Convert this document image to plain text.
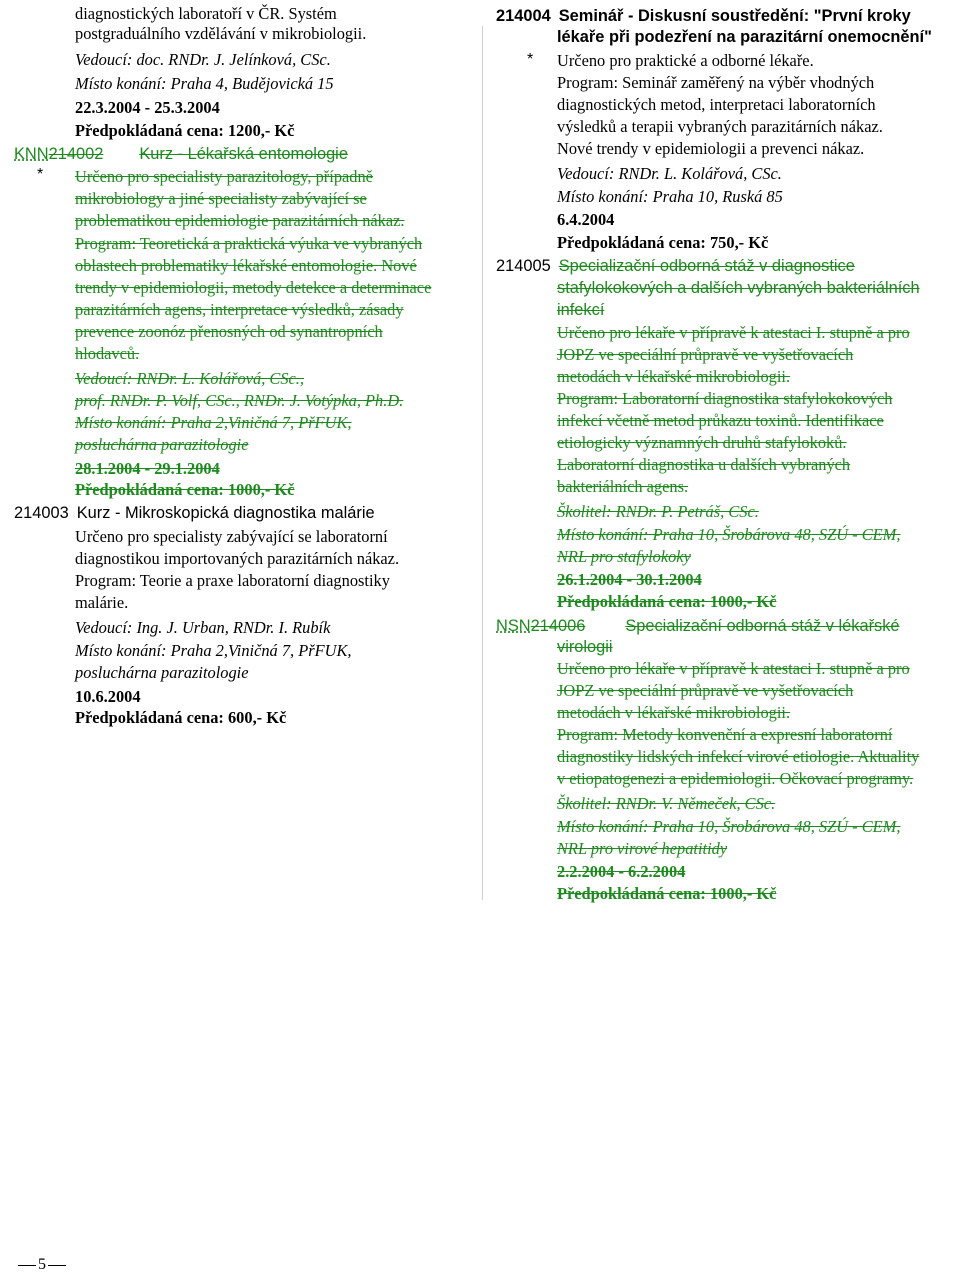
diagnostických laboratoří v ČR. Systém
postgraduálního vzdělávání v mikrobiologii.
Vedoucí: doc. RNDr. J. Jelínková, CSc.
Místo konání: Praha 4, Budějovická 15
22.3.2004 - 25.3.2004
Předpokládaná cena: 1200,- Kč
KNN214002 Kurz - Lékařská entomologie
* Určeno pro specialisty parazitology, případně
mikrobiology a jiné specialisty zabývající se
problematikou epidemiologie parazitárních nákaz.
Program: Teoretická a praktická výuka ve vybraných
oblastech problematiky lékařské entomologie. Nové
trendy v epidemiologii, metody detekce a determinace
parazitárních agens, interpretace výsledků, zásady
prevence zoonóz přenosných od synantropních
hlodavců.
Vedoucí: RNDr. L. Kolářová, CSc.,
prof. RNDr. P. Volf, CSc., RNDr. J. Votýpka, Ph.D.
Místo konání: Praha 2,Viničná 7, PřFUK,
posluchárna parazitologie
28.1.2004 - 29.1.2004
Předpokládaná cena: 1000,- Kč
214003 Kurz - Mikroskopická diagnostika malárie
Určeno pro specialisty zabývající se laboratorní
diagnostikou importovaných parazitárních nákaz.
Program: Teorie a praxe laboratorní diagnostiky
malárie.
Vedoucí: Ing. J. Urban, RNDr. I. Rubík
Místo konání: Praha 2,Viničná 7, PřFUK,
posluchárna parazitologie
10.6.2004
Předpokládaná cena: 600,- Kč
214004 Seminář - Diskusní soustředění: "První kroky
lékaře při podezření na parazitární onemocnění"
* Určeno pro praktické a odborné lékaře.
Program: Seminář zaměřený na výběr vhodných
diagnostických metod, interpretaci laboratorních
výsledků a terapii vybraných parazitárních nákaz.
Nové trendy v epidemiologii a prevenci nákaz.
Vedoucí: RNDr. L. Kolářová, CSc.
Místo konání: Praha 10, Ruská 85
6.4.2004
Předpokládaná cena: 750,- Kč
214005 Specializační odborná stáž v diagnostice
stafylokokových a dalších vybraných bakteriálních
infekcí
Určeno pro lékaře v přípravě k atestaci I. stupně a pro
JOPZ ve speciální průpravě ve vyšetřovacích
metodách v lékařské mikrobiologii.
Program: Laboratorní diagnostika stafylokokových
infekcí včetně metod průkazu toxinů. Identifikace
etiologicky významných druhů stafylokoků.
Laboratorní diagnostika u dalších vybraných
bakteriálních agens.
Školitel: RNDr. P. Petráš, CSc.
Místo konání: Praha 10, Šrobárova 48, SZÚ - CEM,
NRL pro stafylokoky
26.1.2004 - 30.1.2004
Předpokládaná cena: 1000,- Kč
NSN214006 Specializační odborná stáž v lékařské
virologii
Určeno pro lékaře v přípravě k atestaci I. stupně a pro
JOPZ ve speciální průpravě ve vyšetřovacích
metodách v lékařské mikrobiologii.
Program: Metody konvenční a expresní laboratorní
diagnostiky lidských infekcí virové etiologie. Aktuality
v etiopatogenezi a epidemiologii. Očkovací programy.
Školitel: RNDr. V. Němeček, CSc.
Místo konání: Praha 10, Šrobárova 48, SZÚ - CEM,
NRL pro virové hepatitidy
2.2.2004 - 6.2.2004
Předpokládaná cena: 1000,- Kč
5
